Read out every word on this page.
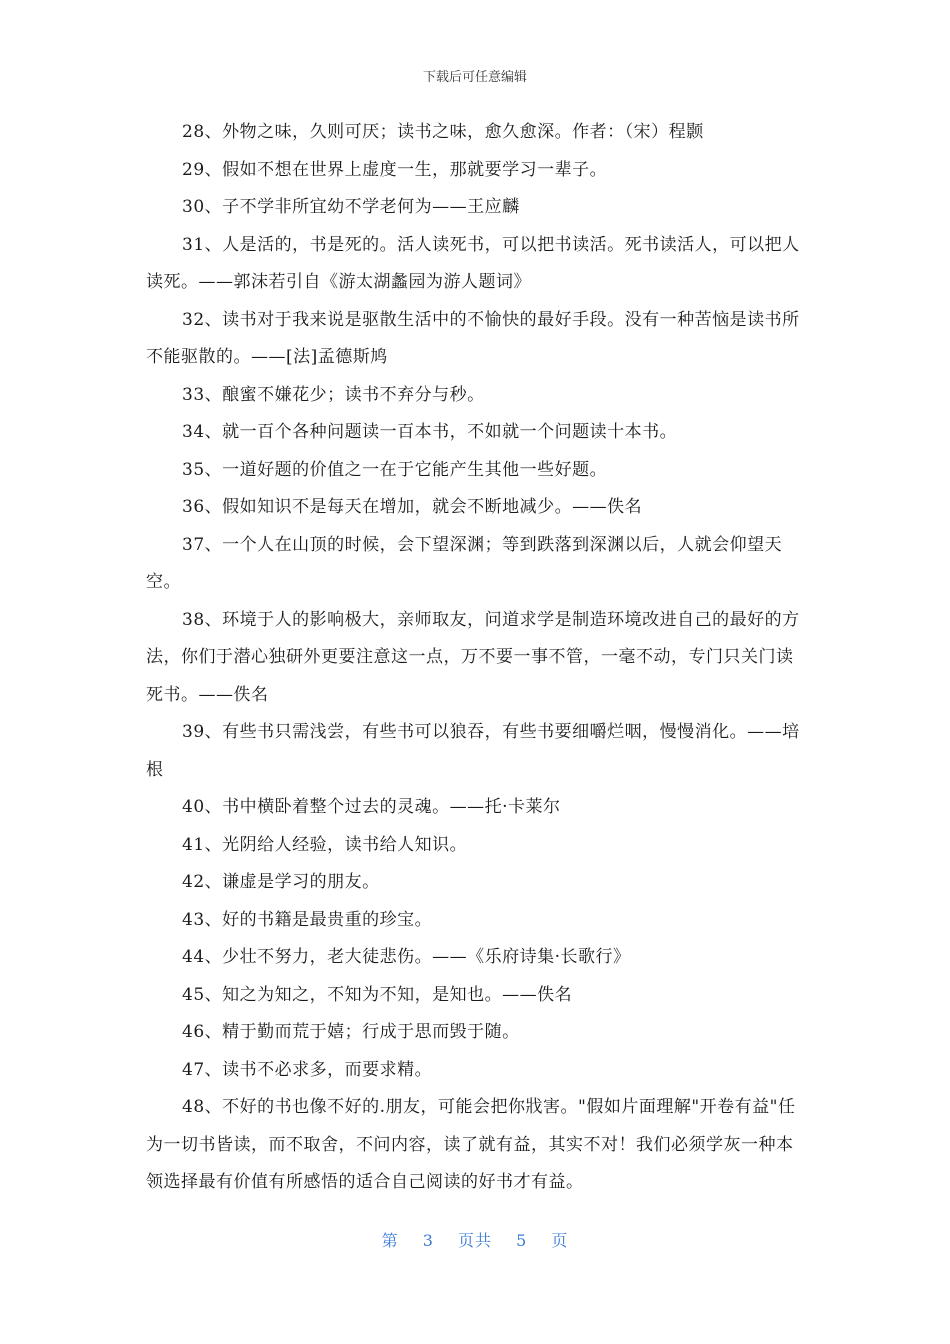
下载后可任意编辑

28、外物之味，久则可厌；读书之味，愈久愈深。作者：（宋）程颢

29、假如不想在世界上虚度一生，那就要学习一辈子。

30、子不学非所宜幼不学老何为——王应麟

31、人是活的，书是死的。活人读死书，可以把书读活。死书读活人，可以把人读死。——郭沫若引自《游太湖蠡园为游人题词》

32、读书对于我来说是驱散生活中的不愉快的最好手段。没有一种苦恼是读书所不能驱散的。——[法]孟德斯鸠

33、酿蜜不嫌花少；读书不弃分与秒。

34、就一百个各种问题读一百本书，不如就一个问题读十本书。

35、一道好题的价值之一在于它能产生其他一些好题。

36、假如知识不是每天在增加，就会不断地减少。——佚名

37、一个人在山顶的时候，会下望深渊；等到跌落到深渊以后，人就会仰望天空。

38、环境于人的影响极大，亲师取友，问道求学是制造环境改进自己的最好的方法，你们于潜心独研外更要注意这一点，万不要一事不管，一毫不动，专门只关门读死书。——佚名

39、有些书只需浅尝，有些书可以狼吞，有些书要细嚼烂咽，慢慢消化。——培根

40、书中横卧着整个过去的灵魂。——托·卡莱尔

41、光阴给人经验，读书给人知识。

42、谦虚是学习的朋友。

43、好的书籍是最贵重的珍宝。

44、少壮不努力，老大徒悲伤。——《乐府诗集·长歌行》

45、知之为知之，不知为不知，是知也。——佚名

46、精于勤而荒于嬉；行成于思而毁于随。

47、读书不必求多，而要求精。

48、不好的书也像不好的.朋友，可能会把你戕害。"假如片面理解"开卷有益"任为一切书皆读，而不取舍，不问内容，读了就有益，其实不对！我们必须学灰一种本领选择最有价值有所感悟的适合自己阅读的好书才有益。

第 3 页共 5 页
